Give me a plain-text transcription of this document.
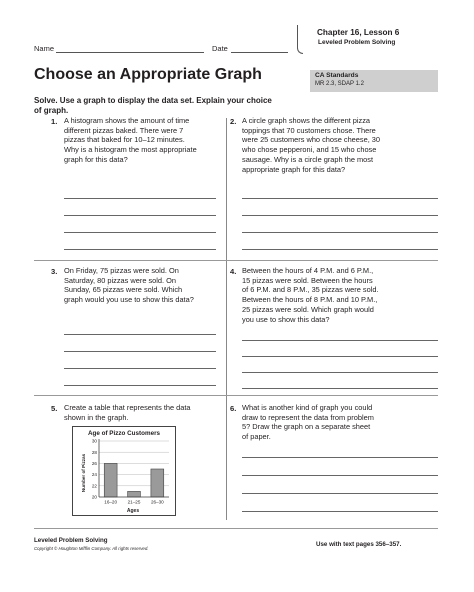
Name	Date
Chapter 16, Lesson 6
Leveled Problem Solving
Choose an Appropriate Graph	CA Standards
MR 2.3, SDAP 1.2
Solve. Use a graph to display the data set. Explain your choice of graph.
1. A histogram shows the amount of time
different pizzas baked. There were 7
pizzas that baked for 10–12 minutes.
Why is a histogram the most appropriate
graph for this data?
2. A circle graph shows the different pizza
toppings that 70 customers chose. There
were 25 customers who chose cheese, 30
who chose pepperoni, and 15 who chose
sausage. Why is a circle graph the most
appropriate graph for this data?
3. On Friday, 75 pizzas were sold. On
Saturday, 80 pizzas were sold. On
Sunday, 65 pizzas were sold. Which
graph would you use to show this data?
4. Between the hours of 4 P.M. and 6 P.M.,
15 pizzas were sold. Between the hours
of 6 P.M. and 8 P.M., 35 pizzas were sold.
Between the hours of 8 P.M. and 10 P.M.,
25 pizzas were sold. Which graph would
you use to show this data?
5. Create a table that represents the data
shown in the graph.
Age of Pizzo Customers
Number of Pizzas
Ages
30
28
26
24
22
20
16–20 21–25 26–30
6. What is another kind of graph you could
draw to represent the data from problem
5? Draw the graph on a separate sheet
of paper.
Leveled Problem Solving
Copyright © Houghton Mifflin Company. All rights reserved.
Use with text pages 356–357.
